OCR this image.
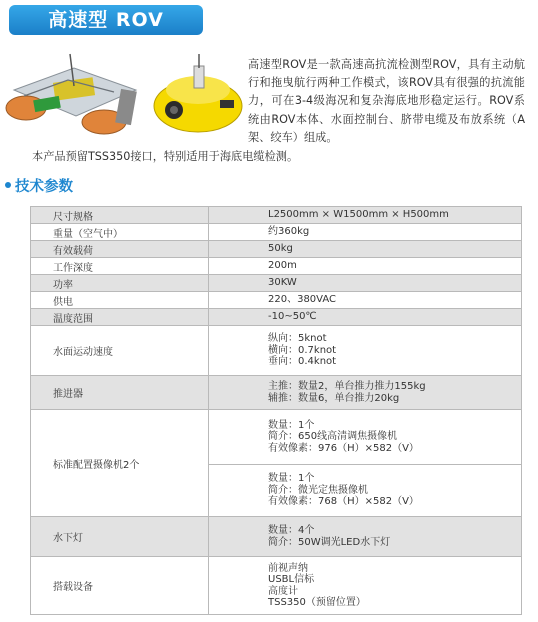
高速型 ROV
高速型ROV是一款高速高抗流检测型ROV，具有主动航行和拖曳航行两种工作模式，该ROV具有很强的抗流能力，可在3-4级海况和复杂海底地形稳定运行。ROV系统由ROV本体、水面控制台、脐带电缆及布放系统（A架、绞车）组成。
本产品预留TSS350接口，特别适用于海底电缆检测。
技术参数
尺寸规格	L2500mm × W1500mm × H500mm
重量（空气中）	约360kg
有效载荷	50kg
工作深度	200m
功率	30KW
供电	220、380VAC
温度范围	-10~50℃
水面运动速度	纵向：5knot
横向：0.7knot
垂向：0.4knot

推进器	主推：数量2，单台推力推力155kg
辅推：数量6，单台推力20kg

标准配置摄像机2个	数量：1个
简介：650线高清调焦摄像机
有效像素：976（H）×582（V）

	数量：1个
简介：微光定焦摄像机
有效像素：768（H）×582（V）

水下灯	数量：4个
简介：50W调光LED水下灯

搭载设备	前视声纳
USBL信标
高度计
TSS350（预留位置）
